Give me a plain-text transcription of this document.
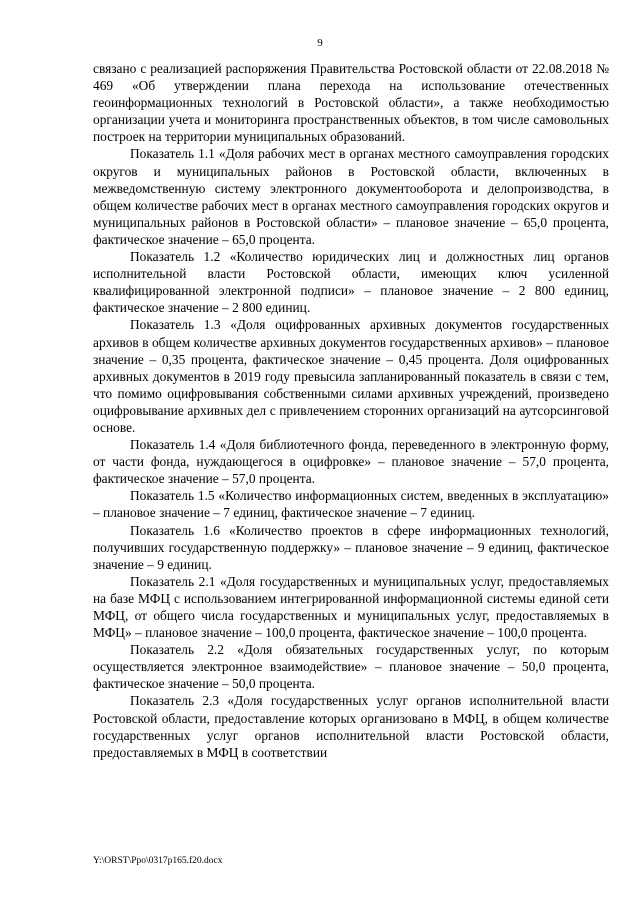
9

связано с реализацией распоряжения Правительства Ростовской области от 22.08.2018 № 469 «Об утверждении плана перехода на использование отечественных геоинформационных технологий в Ростовской области», а также необходимостью организации учета и мониторинга пространственных объектов, в том числе самовольных построек на территории муниципальных образований.

Показатель 1.1 «Доля рабочих мест в органах местного самоуправления городских округов и муниципальных районов в Ростовской области, включенных в межведомственную систему электронного документооборота и делопроизводства, в общем количестве рабочих мест в органах местного самоуправления городских округов и муниципальных районов в Ростовской области» – плановое значение – 65,0 процента, фактическое значение – 65,0 процента.

Показатель 1.2 «Количество юридических лиц и должностных лиц органов исполнительной власти Ростовской области, имеющих ключ усиленной квалифицированной электронной подписи» – плановое значение – 2 800 единиц, фактическое значение – 2 800 единиц.

Показатель 1.3 «Доля оцифрованных архивных документов государственных архивов в общем количестве архивных документов государственных архивов» – плановое значение – 0,35 процента, фактическое значение – 0,45 процента. Доля оцифрованных архивных документов в 2019 году превысила запланированный показатель в связи с тем, что помимо оцифровывания собственными силами архивных учреждений, произведено оцифровывание архивных дел с привлечением сторонних организаций на аутсорсинговой основе.

Показатель 1.4 «Доля библиотечного фонда, переведенного в электронную форму, от части фонда, нуждающегося в оцифровке» – плановое значение – 57,0 процента, фактическое значение – 57,0 процента.

Показатель 1.5 «Количество информационных систем, введенных в эксплуатацию» – плановое значение – 7 единиц, фактическое значение – 7 единиц.

Показатель 1.6 «Количество проектов в сфере информационных технологий, получивших государственную поддержку» – плановое значение – 9 единиц, фактическое значение – 9 единиц.

Показатель 2.1 «Доля государственных и муниципальных услуг, предоставляемых на базе МФЦ с использованием интегрированной информационной системы единой сети МФЦ, от общего числа государственных и муниципальных услуг, предоставляемых в МФЦ» – плановое значение – 100,0 процента, фактическое значение – 100,0 процента.

Показатель 2.2 «Доля обязательных государственных услуг, по которым осуществляется электронное взаимодействие» – плановое значение – 50,0 процента, фактическое значение – 50,0 процента.

Показатель 2.3 «Доля государственных услуг органов исполнительной власти Ростовской области, предоставление которых организовано в МФЦ, в общем количестве государственных услуг органов исполнительной власти Ростовской области, предоставляемых в МФЦ в соответствии

Y:\ORST\Ppo\0317p165.f20.docx
